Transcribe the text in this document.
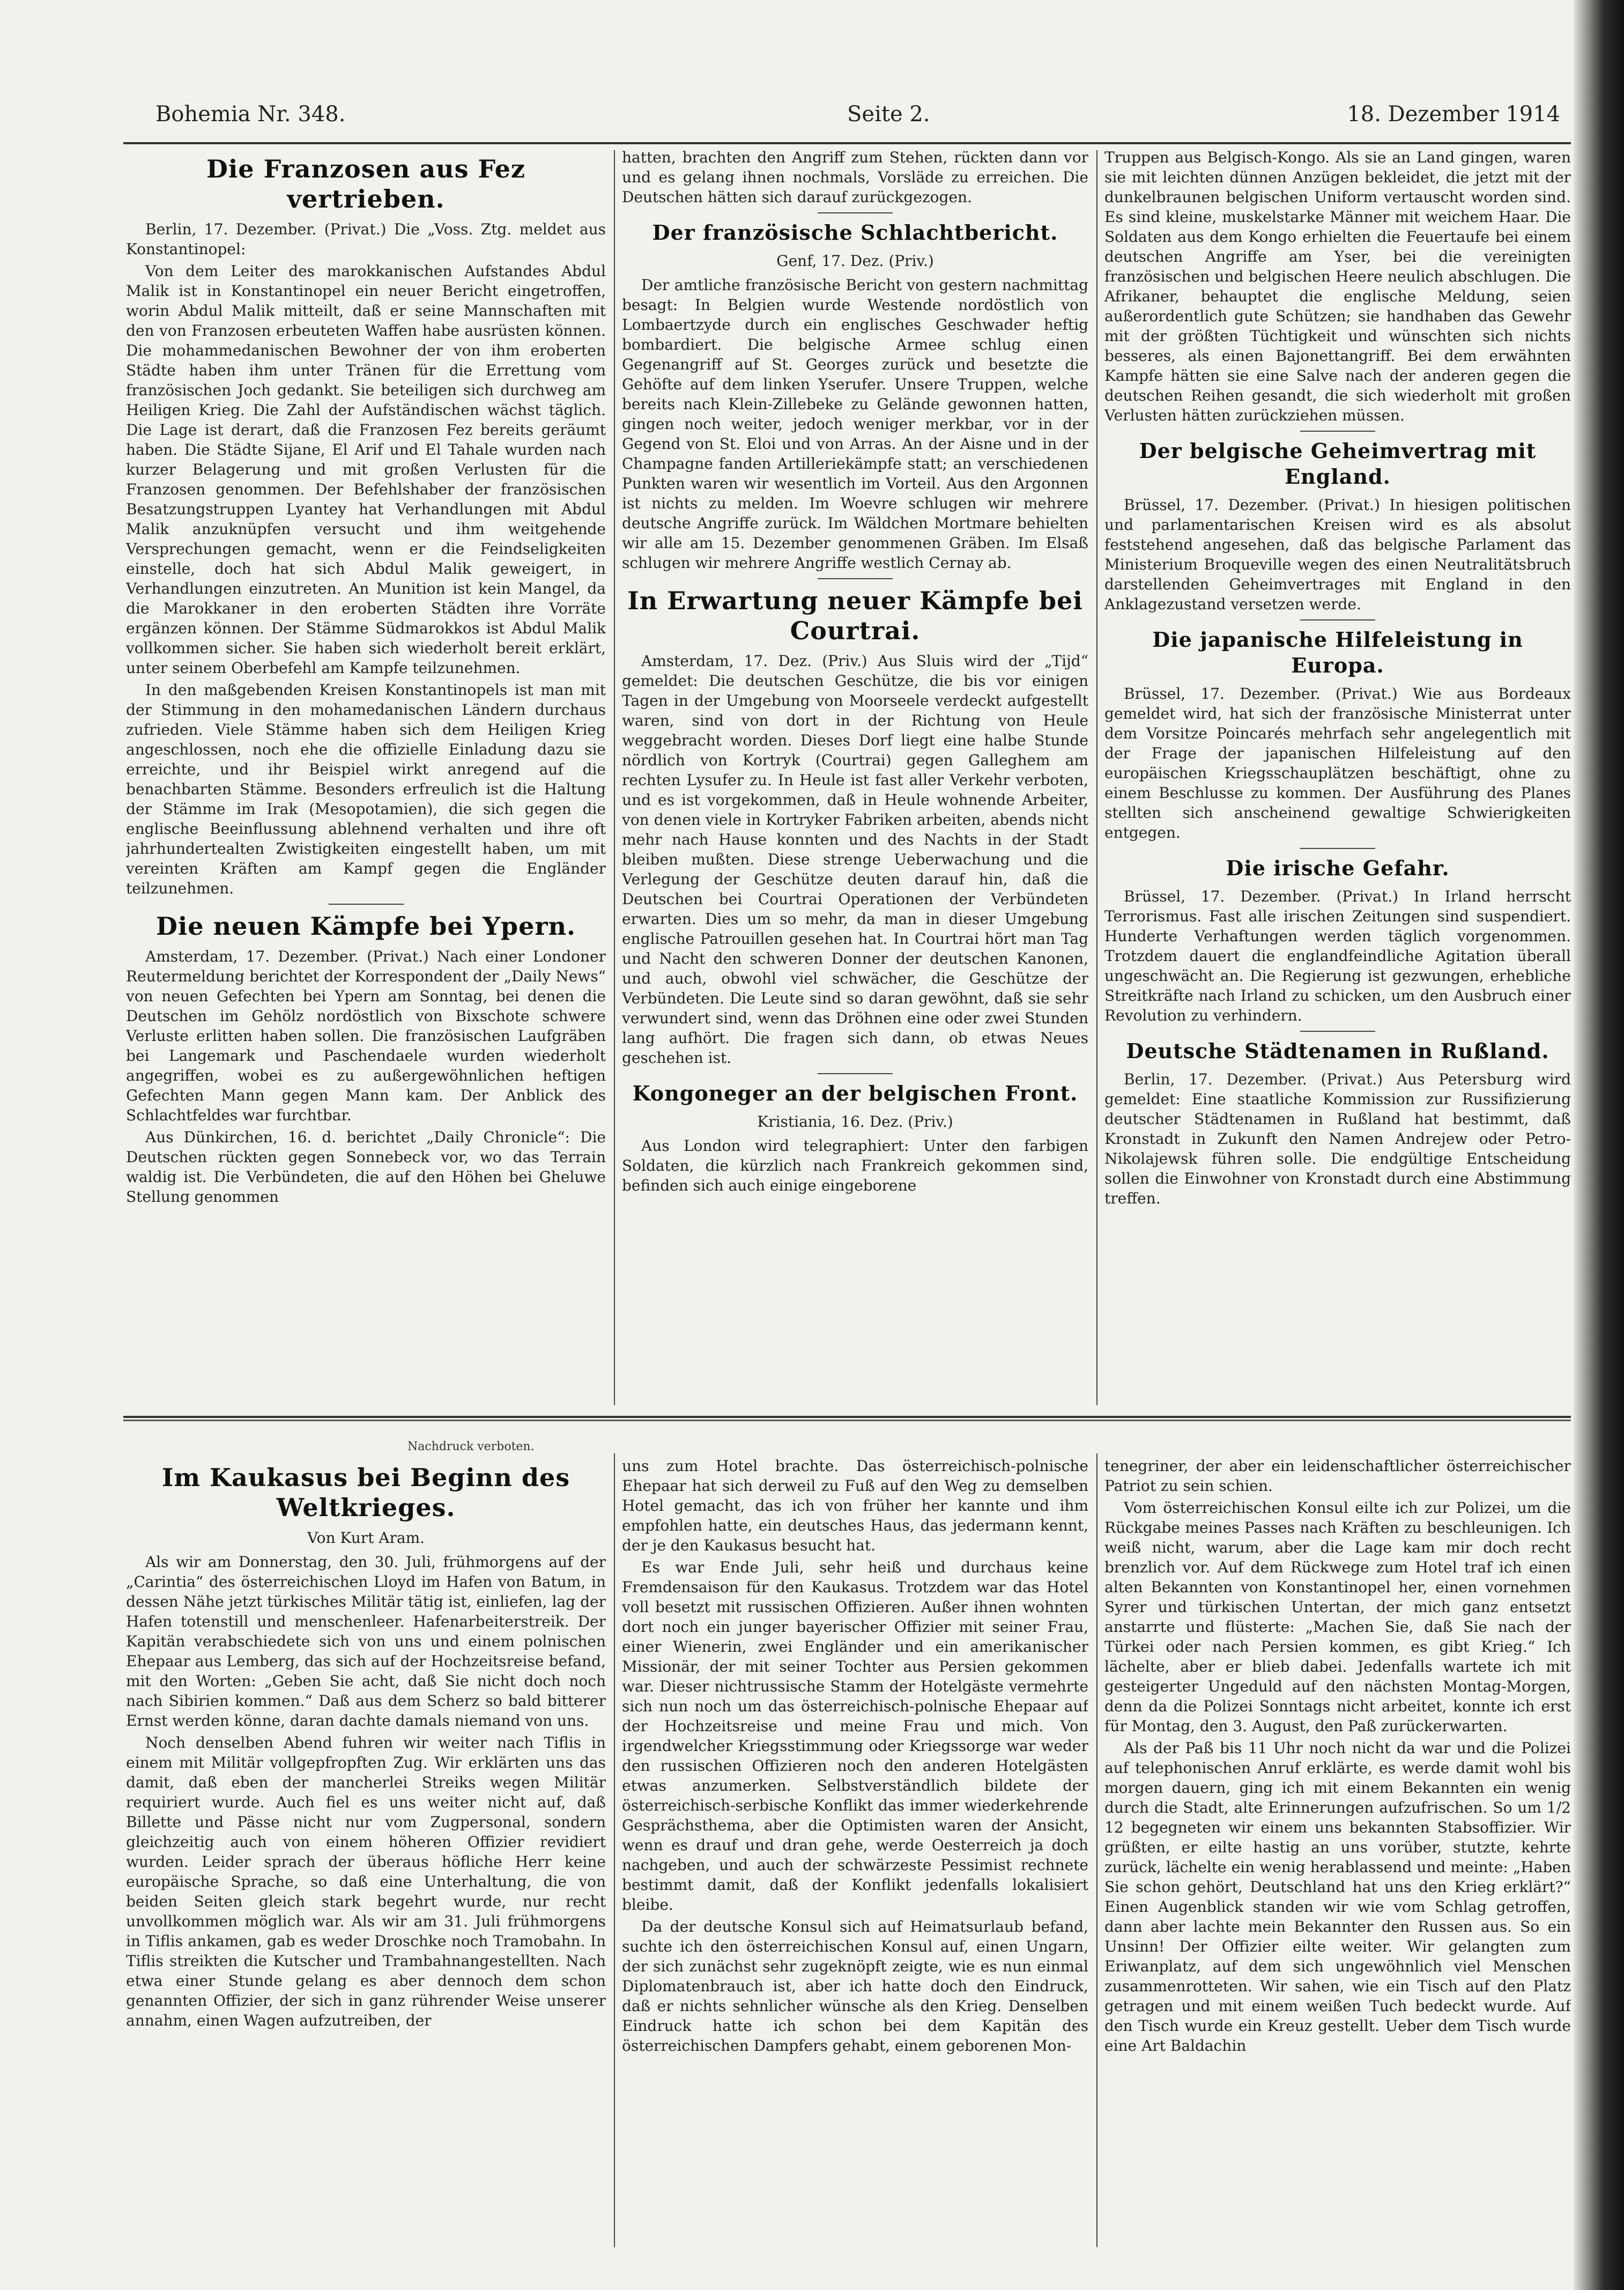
Bohemia Nr. 348.	Seite 2.	18. Dezember 1914
Die Franzosen aus Fez vertrieben.

Berlin, 17. Dezember. (Privat.) Die „Voss. Ztg. meldet aus Konstantinopel:

Von dem Leiter des marokkanischen Aufstandes Abdul Malik ist in Konstantinopel ein neuer Bericht eingetroffen, worin Abdul Malik mitteilt, daß er seine Mannschaften mit den von Franzosen erbeuteten Waffen habe ausrüsten können. Die mohammedanischen Bewohner der von ihm eroberten Städte haben ihm unter Tränen für die Errettung vom französischen Joch gedankt. Sie beteiligen sich durchweg am Heiligen Krieg. Die Zahl der Aufständischen wächst täglich. Die Lage ist derart, daß die Franzosen Fez bereits geräumt haben. Die Städte Sijane, El Arif und El Tahale wurden nach kurzer Belagerung und mit großen Verlusten für die Franzosen genommen. Der Befehlshaber der französischen Besatzungstruppen Lyantey hat Verhandlungen mit Abdul Malik anzuknüpfen versucht und ihm weitgehende Versprechungen gemacht, wenn er die Feindseligkeiten einstelle, doch hat sich Abdul Malik geweigert, in Verhandlungen einzutreten. An Munition ist kein Mangel, da die Marokkaner in den eroberten Städten ihre Vorräte ergänzen können. Der Stämme Südmarokkos ist Abdul Malik vollkommen sicher. Sie haben sich wiederholt bereit erklärt, unter seinem Oberbefehl am Kampfe teilzunehmen.

In den maßgebenden Kreisen Konstantinopels ist man mit der Stimmung in den mohamedanischen Ländern durchaus zufrieden. Viele Stämme haben sich dem Heiligen Krieg angeschlossen, noch ehe die offizielle Einladung dazu sie erreichte, und ihr Beispiel wirkt anregend auf die benachbarten Stämme. Besonders erfreulich ist die Haltung der Stämme im Irak (Mesopotamien), die sich gegen die englische Beeinflussung ablehnend verhalten und ihre oft jahrhundertealten Zwistigkeiten eingestellt haben, um mit vereinten Kräften am Kampf gegen die Engländer teilzunehmen.

Die neuen Kämpfe bei Ypern.

Amsterdam, 17. Dezember. (Privat.) Nach einer Londoner Reutermeldung berichtet der Korrespondent der „Daily News“ von neuen Gefechten bei Ypern am Sonntag, bei denen die Deutschen im Gehölz nordöstlich von Bixschote schwere Verluste erlitten haben sollen. Die französischen Laufgräben bei Langemark und Paschendaele wurden wiederholt angegriffen, wobei es zu außergewöhnlichen heftigen Gefechten Mann gegen Mann kam. Der Anblick des Schlachtfeldes war furchtbar.

Aus Dünkirchen, 16. d. berichtet „Daily Chronicle“: Die Deutschen rückten gegen Sonnebeck vor, wo das Terrain waldig ist. Die Verbündeten, die auf den Höhen bei Gheluwe Stellung genommen

hatten, brachten den Angriff zum Stehen, rückten dann vor und es gelang ihnen nochmals, Vorsläde zu erreichen. Die Deutschen hätten sich darauf zurückgezogen.

Der französische Schlachtbericht.

Genf, 17. Dez. (Priv.)

Der amtliche französische Bericht von gestern nachmittag besagt: In Belgien wurde Westende nordöstlich von Lombaertzyde durch ein englisches Geschwader heftig bombardiert. Die belgische Armee schlug einen Gegenangriff auf St. Georges zurück und besetzte die Gehöfte auf dem linken Yserufer. Unsere Truppen, welche bereits nach Klein-Zillebeke zu Gelände gewonnen hatten, gingen noch weiter, jedoch weniger merkbar, vor in der Gegend von St. Eloi und von Arras. An der Aisne und in der Champagne fanden Artilleriekämpfe statt; an verschiedenen Punkten waren wir wesentlich im Vorteil. Aus den Argonnen ist nichts zu melden. Im Woevre schlugen wir mehrere deutsche Angriffe zurück. Im Wäldchen Mortmare behielten wir alle am 15. Dezember genommenen Gräben. Im Elsaß schlugen wir mehrere Angriffe westlich Cernay ab.

In Erwartung neuer Kämpfe bei Courtrai.

Amsterdam, 17. Dez. (Priv.) Aus Sluis wird der „Tijd“ gemeldet: Die deutschen Geschütze, die bis vor einigen Tagen in der Umgebung von Moorseele verdeckt aufgestellt waren, sind von dort in der Richtung von Heule weggebracht worden. Dieses Dorf liegt eine halbe Stunde nördlich von Kortryk (Courtrai) gegen Galleghem am rechten Lysufer zu. In Heule ist fast aller Verkehr verboten, und es ist vorgekommen, daß in Heule wohnende Arbeiter, von denen viele in Kortryker Fabriken arbeiten, abends nicht mehr nach Hause konnten und des Nachts in der Stadt bleiben mußten. Diese strenge Ueberwachung und die Verlegung der Geschütze deuten darauf hin, daß die Deutschen bei Courtrai Operationen der Verbündeten erwarten. Dies um so mehr, da man in dieser Umgebung englische Patrouillen gesehen hat. In Courtrai hört man Tag und Nacht den schweren Donner der deutschen Kanonen, und auch, obwohl viel schwächer, die Geschütze der Verbündeten. Die Leute sind so daran gewöhnt, daß sie sehr verwundert sind, wenn das Dröhnen eine oder zwei Stunden lang aufhört. Die fragen sich dann, ob etwas Neues geschehen ist.

Kongoneger an der belgischen Front.

Kristiania, 16. Dez. (Priv.)

Aus London wird telegraphiert: Unter den farbigen Soldaten, die kürzlich nach Frankreich gekommen sind, befinden sich auch einige eingeborene

Truppen aus Belgisch-Kongo. Als sie an Land gingen, waren sie mit leichten dünnen Anzügen bekleidet, die jetzt mit der dunkelbraunen belgischen Uniform vertauscht worden sind. Es sind kleine, muskelstarke Männer mit weichem Haar. Die Soldaten aus dem Kongo erhielten die Feuertaufe bei einem deutschen Angriffe am Yser, bei die vereinigten französischen und belgischen Heere neulich abschlugen. Die Afrikaner, behauptet die englische Meldung, seien außerordentlich gute Schützen; sie handhaben das Gewehr mit der größten Tüchtigkeit und wünschten sich nichts besseres, als einen Bajonettangriff. Bei dem erwähnten Kampfe hätten sie eine Salve nach der anderen gegen die deutschen Reihen gesandt, die sich wiederholt mit großen Verlusten hätten zurückziehen müssen.

Der belgische Geheimvertrag mit England.

Brüssel, 17. Dezember. (Privat.) In hiesigen politischen und parlamentarischen Kreisen wird es als absolut feststehend angesehen, daß das belgische Parlament das Ministerium Broqueville wegen des einen Neutralitätsbruch darstellenden Geheimvertrages mit England in den Anklagezustand versetzen werde.

Die japanische Hilfeleistung in Europa.

Brüssel, 17. Dezember. (Privat.) Wie aus Bordeaux gemeldet wird, hat sich der französische Ministerrat unter dem Vorsitze Poincarés mehrfach sehr angelegentlich mit der Frage der japanischen Hilfeleistung auf den europäischen Kriegsschauplätzen beschäftigt, ohne zu einem Beschlusse zu kommen. Der Ausführung des Planes stellten sich anscheinend gewaltige Schwierigkeiten entgegen.

Die irische Gefahr.

Brüssel, 17. Dezember. (Privat.) In Irland herrscht Terrorismus. Fast alle irischen Zeitungen sind suspendiert. Hunderte Verhaftungen werden täglich vorgenommen. Trotzdem dauert die englandfeindliche Agitation überall ungeschwächt an. Die Regierung ist gezwungen, erhebliche Streitkräfte nach Irland zu schicken, um den Ausbruch einer Revolution zu verhindern.

Deutsche Städtenamen in Rußland.

Berlin, 17. Dezember. (Privat.) Aus Petersburg wird gemeldet: Eine staatliche Kommission zur Russifizierung deutscher Städtenamen in Rußland hat bestimmt, daß Kronstadt in Zukunft den Namen Andrejew oder Petro-Nikolajewsk führen solle. Die endgültige Entscheidung sollen die Einwohner von Kronstadt durch eine Abstimmung treffen.

Nachdruck verboten.
Im Kaukasus bei Beginn des Weltkrieges.

Von Kurt Aram.

Als wir am Donnerstag, den 30. Juli, frühmorgens auf der „Carintia“ des österreichischen Lloyd im Hafen von Batum, in dessen Nähe jetzt türkisches Militär tätig ist, einliefen, lag der Hafen totenstill und menschenleer. Hafenarbeiterstreik. Der Kapitän verabschiedete sich von uns und einem polnischen Ehepaar aus Lemberg, das sich auf der Hochzeitsreise befand, mit den Worten: „Geben Sie acht, daß Sie nicht doch noch nach Sibirien kommen.“ Daß aus dem Scherz so bald bitterer Ernst werden könne, daran dachte damals niemand von uns.

Noch denselben Abend fuhren wir weiter nach Tiflis in einem mit Militär vollgepfropften Zug. Wir erklärten uns das damit, daß eben der mancherlei Streiks wegen Militär requiriert wurde. Auch fiel es uns weiter nicht auf, daß Billette und Pässe nicht nur vom Zugpersonal, sondern gleichzeitig auch von einem höheren Offizier revidiert wurden. Leider sprach der überaus höfliche Herr keine europäische Sprache, so daß eine Unterhaltung, die von beiden Seiten gleich stark begehrt wurde, nur recht unvollkommen möglich war. Als wir am 31. Juli frühmorgens in Tiflis ankamen, gab es weder Droschke noch Tramobahn. In Tiflis streikten die Kutscher und Trambahnangestellten. Nach etwa einer Stunde gelang es aber dennoch dem schon genannten Offizier, der sich in ganz rührender Weise unserer annahm, einen Wagen aufzutreiben, der

uns zum Hotel brachte. Das österreichisch-polnische Ehepaar hat sich derweil zu Fuß auf den Weg zu demselben Hotel gemacht, das ich von früher her kannte und ihm empfohlen hatte, ein deutsches Haus, das jedermann kennt, der je den Kaukasus besucht hat.

Es war Ende Juli, sehr heiß und durchaus keine Fremdensaison für den Kaukasus. Trotzdem war das Hotel voll besetzt mit russischen Offizieren. Außer ihnen wohnten dort noch ein junger bayerischer Offizier mit seiner Frau, einer Wienerin, zwei Engländer und ein amerikanischer Missionär, der mit seiner Tochter aus Persien gekommen war. Dieser nichtrussische Stamm der Hotelgäste vermehrte sich nun noch um das österreichisch-polnische Ehepaar auf der Hochzeitsreise und meine Frau und mich. Von irgendwelcher Kriegsstimmung oder Kriegssorge war weder den russischen Offizieren noch den anderen Hotelgästen etwas anzumerken. Selbstverständlich bildete der österreichisch-serbische Konflikt das immer wiederkehrende Gesprächsthema, aber die Optimisten waren der Ansicht, wenn es drauf und dran gehe, werde Oesterreich ja doch nachgeben, und auch der schwärzeste Pessimist rechnete bestimmt damit, daß der Konflikt jedenfalls lokalisiert bleibe.

Da der deutsche Konsul sich auf Heimatsurlaub befand, suchte ich den österreichischen Konsul auf, einen Ungarn, der sich zunächst sehr zugeknöpft zeigte, wie es nun einmal Diplomatenbrauch ist, aber ich hatte doch den Eindruck, daß er nichts sehnlicher wünsche als den Krieg. Denselben Eindruck hatte ich schon bei dem Kapitän des österreichischen Dampfers gehabt, einem geborenen Mon-

tenegriner, der aber ein leidenschaftlicher österreichischer Patriot zu sein schien.

Vom österreichischen Konsul eilte ich zur Polizei, um die Rückgabe meines Passes nach Kräften zu beschleunigen. Ich weiß nicht, warum, aber die Lage kam mir doch recht brenzlich vor. Auf dem Rückwege zum Hotel traf ich einen alten Bekannten von Konstantinopel her, einen vornehmen Syrer und türkischen Untertan, der mich ganz entsetzt anstarrte und flüsterte: „Machen Sie, daß Sie nach der Türkei oder nach Persien kommen, es gibt Krieg.“ Ich lächelte, aber er blieb dabei. Jedenfalls wartete ich mit gesteigerter Ungeduld auf den nächsten Montag-Morgen, denn da die Polizei Sonntags nicht arbeitet, konnte ich erst für Montag, den 3. August, den Paß zurückerwarten.

Als der Paß bis 11 Uhr noch nicht da war und die Polizei auf telephonischen Anruf erklärte, es werde damit wohl bis morgen dauern, ging ich mit einem Bekannten ein wenig durch die Stadt, alte Erinnerungen aufzufrischen. So um 1/2 12 begegneten wir einem uns bekannten Stabsoffizier. Wir grüßten, er eilte hastig an uns vorüber, stutzte, kehrte zurück, lächelte ein wenig herablassend und meinte: „Haben Sie schon gehört, Deutschland hat uns den Krieg erklärt?“ Einen Augenblick standen wir wie vom Schlag getroffen, dann aber lachte mein Bekannter den Russen aus. So ein Unsinn! Der Offizier eilte weiter. Wir gelangten zum Eriwanplatz, auf dem sich ungewöhnlich viel Menschen zusammenrotteten. Wir sahen, wie ein Tisch auf den Platz getragen und mit einem weißen Tuch bedeckt wurde. Auf den Tisch wurde ein Kreuz gestellt. Ueber dem Tisch wurde eine Art Baldachin
